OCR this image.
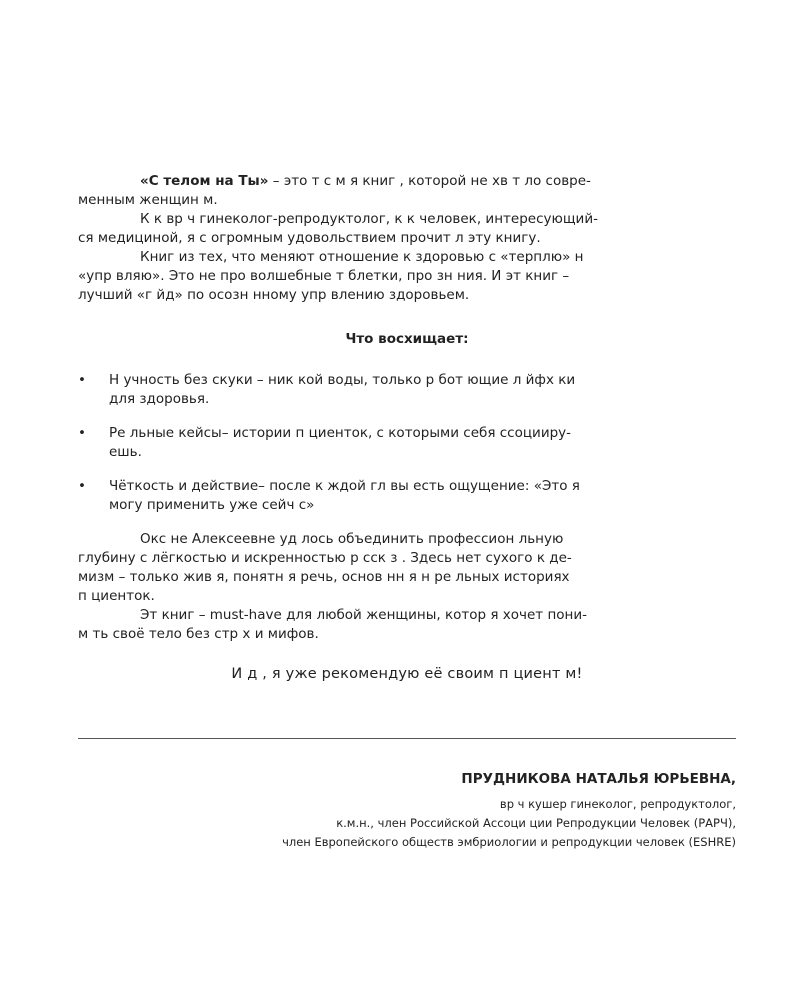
«С телом на Ты» – это т с м я книг , которой не хв т ло совре-
менным женщин м.

К к вр ч гинеколог-репродуктолог, к к человек, интересующий-
ся медициной, я с огромным удовольствием прочит л эту книгу.

Книг из тех, что меняют отношение к здоровью с «терплю» н
«упр вляю». Это не про волшебные т блетки, про зн ния. И эт книг –
лучший «г йд» по осозн нному упр влению здоровьем.

Что восхищает:
• Н учность без скуки – ник кой воды, только р бот ющие л йфх ки
для здоровья.
• Ре льные кейсы– истории п циенток, с которыми себя ссоцииру-
ешь.
• Чёткость и действие– после к ждой гл вы есть ощущение: «Это я
могу применить уже сейч с»

Окс не Алексеевне уд лось объединить профессион льную
глубину с лёгкостью и искренностью р сск з . Здесь нет сухого к де-
мизм – только жив я, понятн я речь, основ нн я н ре льных историях
п циенток.

Эт книг – must-have для любой женщины, котор я хочет пони-
м ть своё тело без стр х и мифов.

И д , я уже рекомендую её своим п циент м!
ПРУДНИКОВА НАТАЛЬЯ ЮРЬЕВНА,
вр ч кушер гинеколог, репродуктолог,
к.м.н., член Российской Ассоци ции Репродукции Человек (РАРЧ),
член Европейского обществ эмбриологии и репродукции человек (ESHRE)
